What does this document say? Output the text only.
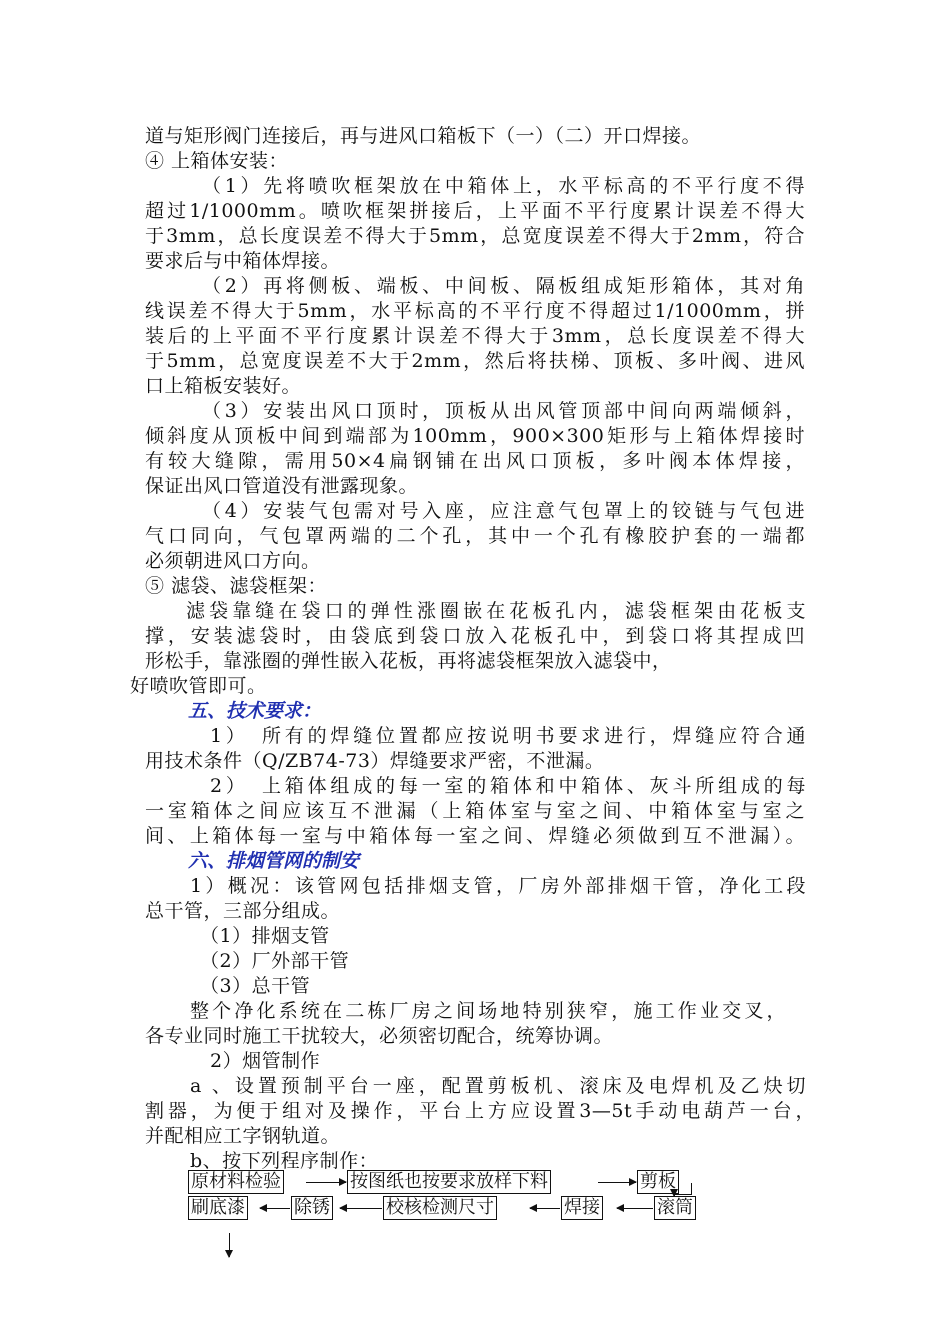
道与矩形阀门连接后，再与进风口箱板下（一）（二）开口焊接。
④ 上箱体安装：
（1）先将喷吹框架放在中箱体上，水平标高的不平行度不得
超过1/1000mm。喷吹框架拼接后，上平面不平行度累计误差不得大
于3mm，总长度误差不得大于5mm，总宽度误差不得大于2mm，符合
要求后与中箱体焊接。
（2）再将侧板、端板、中间板、隔板组成矩形箱体，其对角
线误差不得大于5mm，水平标高的不平行度不得超过1/1000mm，拼
装后的上平面不平行度累计误差不得大于3mm，总长度误差不得大
于5mm，总宽度误差不大于2mm，然后将扶梯、顶板、多叶阀、进风
口上箱板安装好。
（3）安装出风口顶时，顶板从出风管顶部中间向两端倾斜，
倾斜度从顶板中间到端部为100mm，900×300矩形与上箱体焊接时
有较大缝隙，需用50×4扁钢铺在出风口顶板，多叶阀本体焊接，
保证出风口管道没有泄露现象。
（4）安装气包需对号入座，应注意气包罩上的铰链与气包进
气口同向，气包罩两端的二个孔，其中一个孔有橡胶护套的一端都
必须朝进风口方向。
⑤ 滤袋、滤袋框架：
滤袋靠缝在袋口的弹性涨圈嵌在花板孔内，滤袋框架由花板支
撑，安装滤袋时，由袋底到袋口放入花板孔中，到袋口将其捏成凹
形松手，靠涨圈的弹性嵌入花板，再将滤袋框架放入滤袋中，
好喷吹管即可。
五、技术要求：
1）　所有的焊缝位置都应按说明书要求进行，焊缝应符合通
用技术条件（Q/ZB74-73）焊缝要求严密，不泄漏。
2）　上箱体组成的每一室的箱体和中箱体、灰斗所组成的每
一室箱体之间应该互不泄漏（上箱体室与室之间、中箱体室与室之
间、上箱体每一室与中箱体每一室之间、焊缝必须做到互不泄漏）。
六、排烟管网的制安
1）概况：该管网包括排烟支管，厂房外部排烟干管，净化工段
总干管，三部分组成。
（1）排烟支管
（2）厂外部干管
（3）总干管
整个净化系统在二栋厂房之间场地特别狭窄，施工作业交叉，
各专业同时施工干扰较大，必须密切配合，统筹协调。
2）烟管制作
a 、设置预制平台一座，配置剪板机、滚床及电焊机及乙炔切
割器，为便于组对及操作，平台上方应设置3—5t手动电葫芦一台，
并配相应工字钢轨道。
b、按下列程序制作：
原材料检验	按图纸也按要求放样下料	剪板
刷底漆	除锈	校核检测尺寸	焊接	滚筒
